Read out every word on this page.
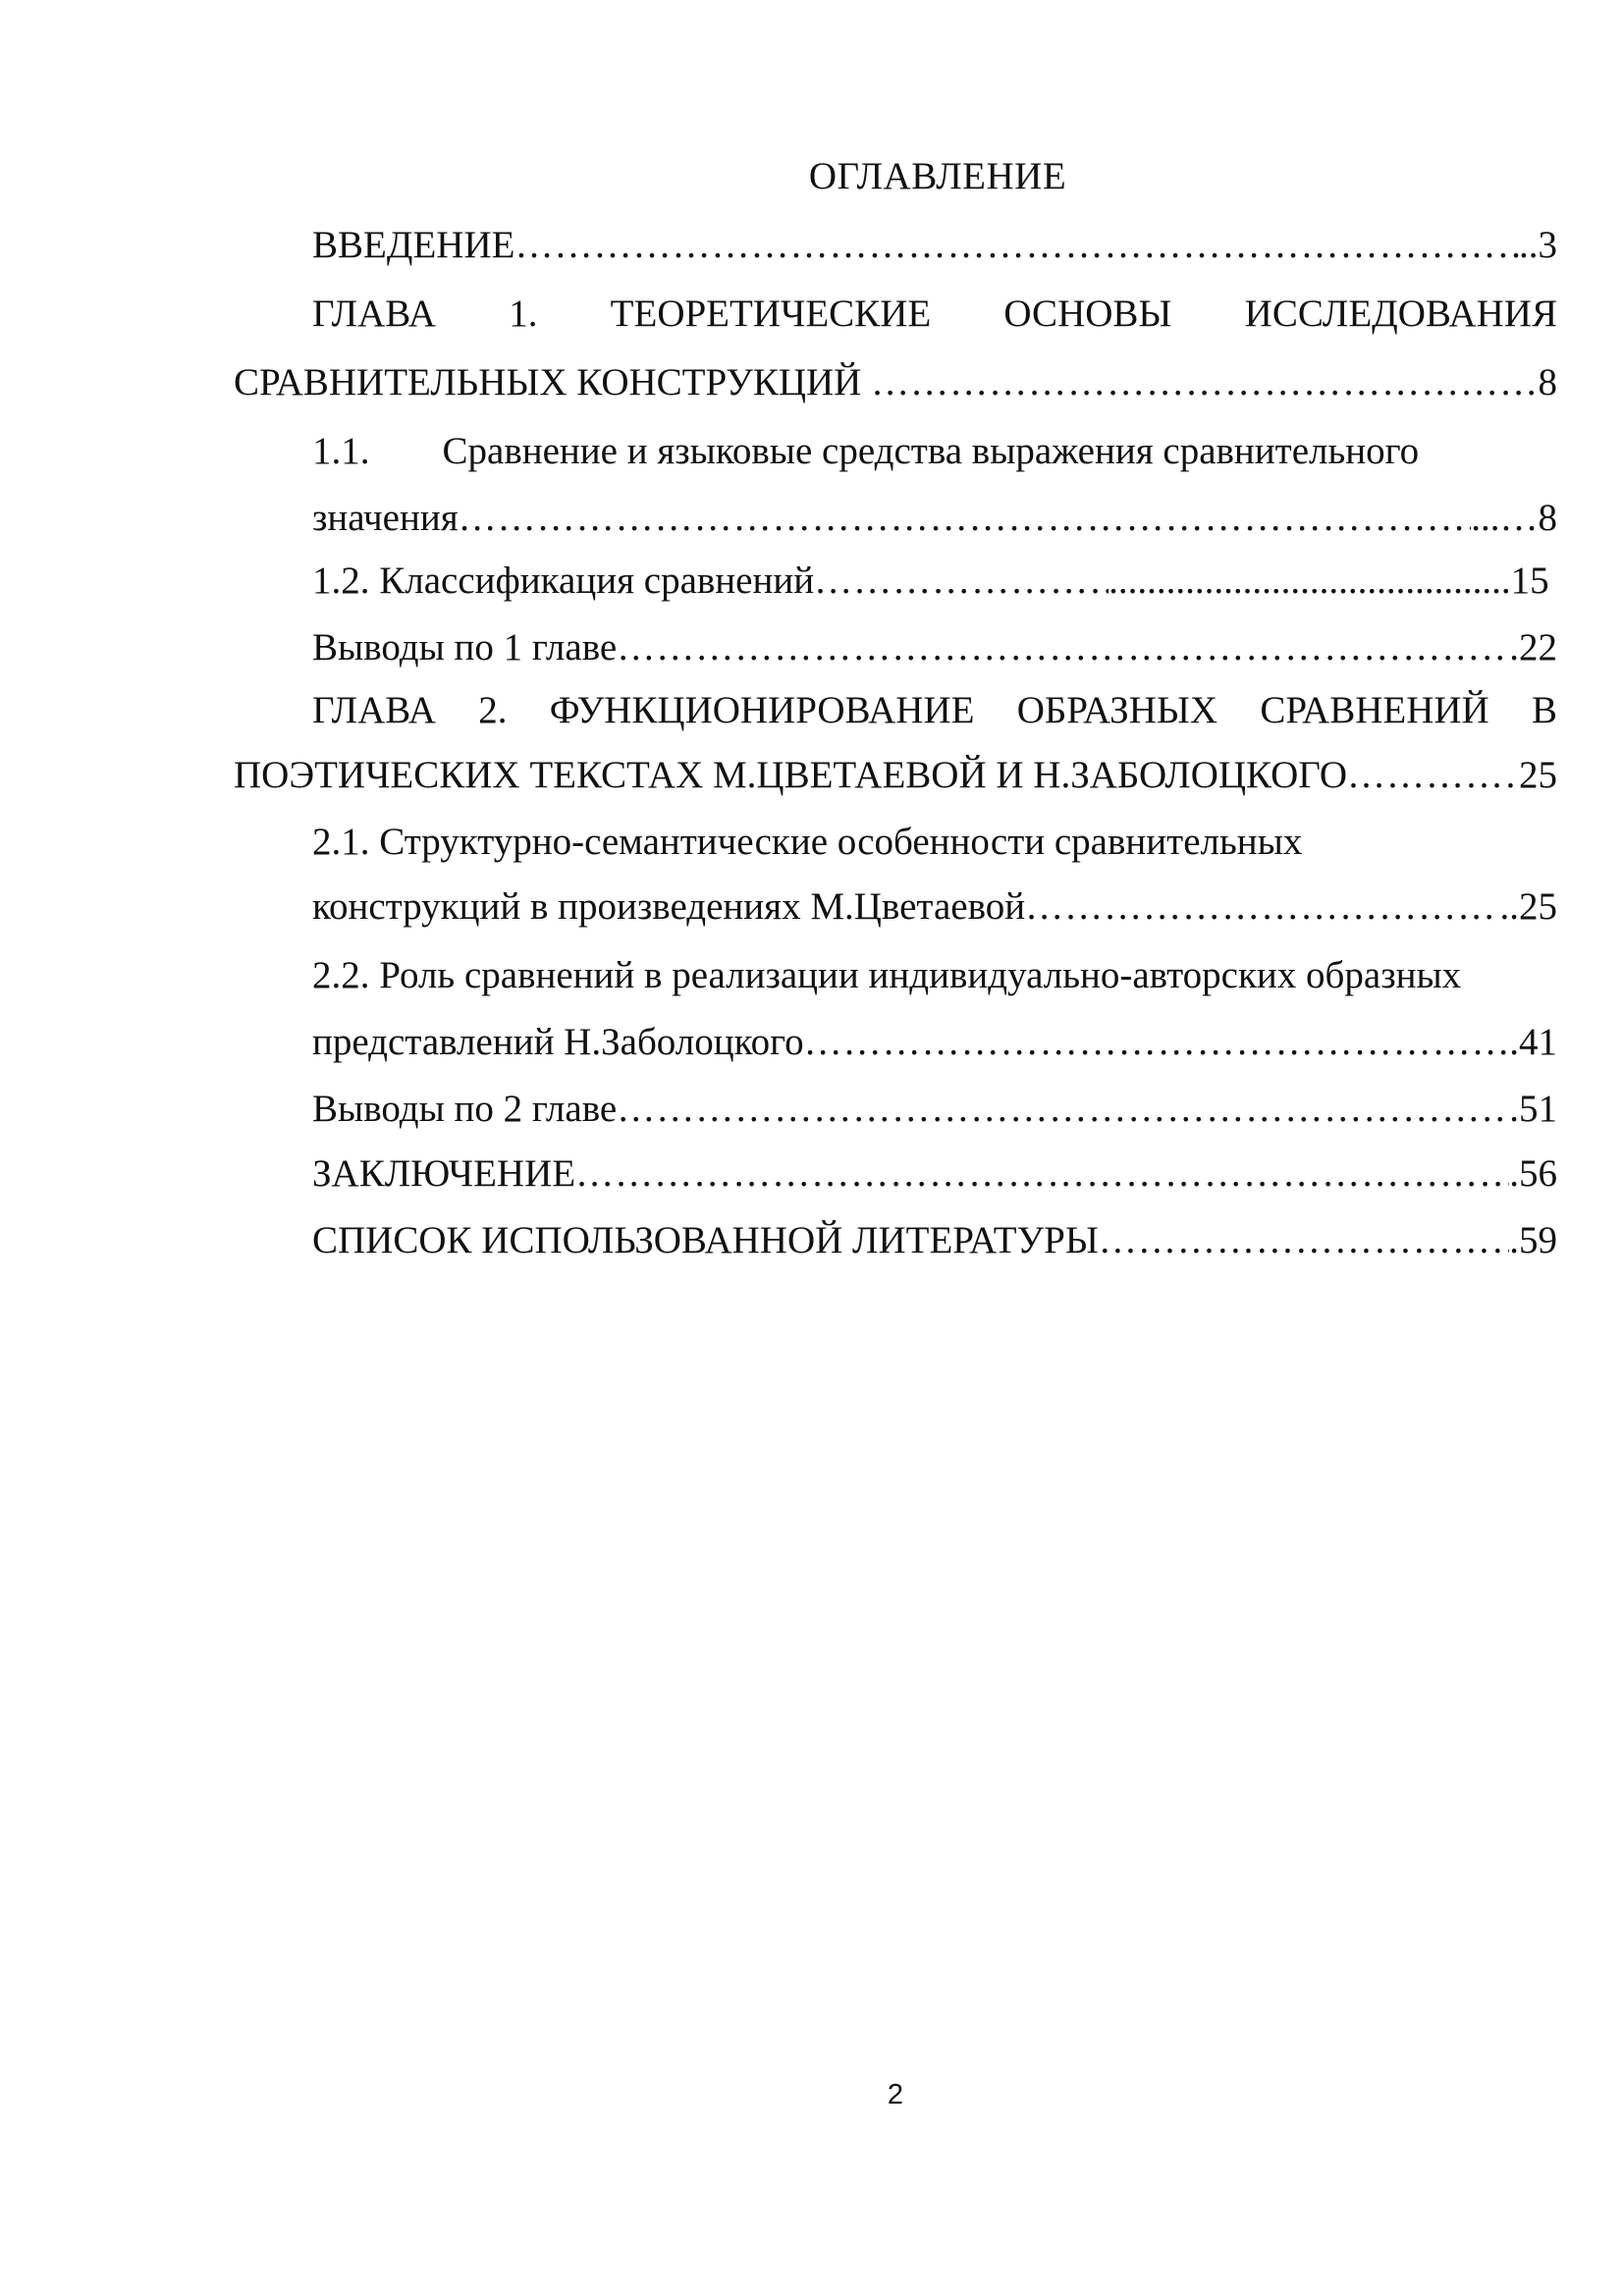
ОГЛАВЛЕНИЕ
ВВЕДЕНИЕ …………………………………………………………………………………………………………………………………………………………………………………………………………………………	..3
ГЛАВА 1. ТЕОРЕТИЧЕСКИЕ ОСНОВЫ ИССЛЕДОВАНИЯ
СРАВНИТЕЛЬНЫХ КОНСТРУКЦИЙ …………………………………………………………………………………………………………………………………………………………………………………………………………………………	8
1.1. Сравнение и языковые средства выражения сравнительного
значения …………………………………………………………………………………………………………………………………………………………………………………………………………………………	...…8
1.2. Классификация сравнений …………………………………………………………………………………………………………………………………………………………………………………………………………………………	..........................................15
Выводы по 1 главе …………………………………………………………………………………………………………………………………………………………………………………………………………………………	.22
ГЛАВА 2. ФУНКЦИОНИРОВАНИЕ ОБРАЗНЫХ СРАВНЕНИЙ В
ПОЭТИЧЕСКИХ ТЕКСТАХ М.ЦВЕТАЕВОЙ И Н.ЗАБОЛОЦКОГО …………………………………………………………………………………………………………………………………………………………………………………………………………………………	25
2.1. Структурно-семантические особенности сравнительных
конструкций в произведениях М.Цветаевой …………………………………………………………………………………………………………………………………………………………………………………………………………………………	..25
2.2. Роль сравнений в реализации индивидуально-авторских образных
представлений Н.Заболоцкого …………………………………………………………………………………………………………………………………………………………………………………………………………………………	.41
Выводы по 2 главе …………………………………………………………………………………………………………………………………………………………………………………………………………………………	.51
ЗАКЛЮЧЕНИЕ …………………………………………………………………………………………………………………………………………………………………………………………………………………………	.56
СПИСОК ИСПОЛЬЗОВАННОЙ ЛИТЕРАТУРЫ …………………………………………………………………………………………………………………………………………………………………………………………………………………………	.59
2
